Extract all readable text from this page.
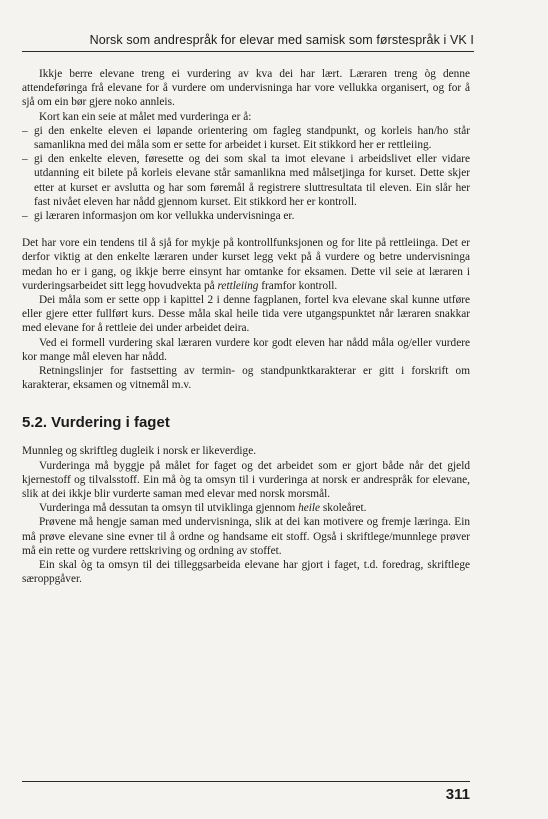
Norsk som andrespråk for elevar med samisk som førstespråk i VK I

Ikkje berre elevane treng ei vurdering av kva dei har lært. Læraren treng òg denne attendeføringa frå elevane for å vurdere om undervisninga har vore vellukka organisert, og for å sjå om ein bør gjere noko annleis.

Kort kan ein seie at målet med vurderinga er å:

– gi den enkelte eleven ei løpande orientering om fagleg standpunkt, og korleis han/ho står samanlikna med dei måla som er sette for arbeidet i kurset. Eit stikkord her er rettleiing.
– gi den enkelte eleven, føresette og dei som skal ta imot elevane i arbeidslivet eller vidare utdanning eit bilete på korleis elevane står samanlikna med målsetjinga for kurset. Dette skjer etter at kurset er avslutta og har som føremål å registrere sluttresultata til eleven. Ein slår her fast nivået eleven har nådd gjennom kurset. Eit stikkord her er kontroll.
– gi læraren informasjon om kor vellukka undervisninga er.

Det har vore ein tendens til å sjå for mykje på kontrollfunksjonen og for lite på rettleiinga. Det er derfor viktig at den enkelte læraren under kurset legg vekt på å vurdere og betre undervisninga medan ho er i gang, og ikkje berre einsynt har omtanke for eksamen. Dette vil seie at læraren i vurderingsarbeidet sitt legg hovudvekta på rettleiing framfor kontroll.

Dei måla som er sette opp i kapittel 2 i denne fagplanen, fortel kva elevane skal kunne utføre eller gjere etter fullført kurs. Desse måla skal heile tida vere utgangspunktet når læraren snakkar med elevane for å rettleie dei under arbeidet deira.

Ved ei formell vurdering skal læraren vurdere kor godt eleven har nådd måla og/eller vurdere kor mange mål eleven har nådd.

Retningslinjer for fastsetting av termin- og standpunktkarakterar er gitt i forskrift om karakterar, eksamen og vitnemål m.v.

5.2. Vurdering i faget

Munnleg og skriftleg dugleik i norsk er likeverdige.

Vurderinga må byggje på målet for faget og det arbeidet som er gjort både når det gjeld kjernestoff og tilvalsstoff. Ein må òg ta omsyn til i vurderinga at norsk er andrespråk for elevane, slik at dei ikkje blir vurderte saman med elevar med norsk morsmål.

Vurderinga må dessutan ta omsyn til utviklinga gjennom heile skoleåret.

Prøvene må hengje saman med undervisninga, slik at dei kan motivere og fremje læringa. Ein må prøve elevane sine evner til å ordne og handsame eit stoff. Også i skriftlege/munnlege prøver må ein rette og vurdere rettskriving og ordning av stoffet.

Ein skal òg ta omsyn til dei tilleggsarbeida elevane har gjort i faget, t.d. foredrag, skriftlege særoppgåver.

311
